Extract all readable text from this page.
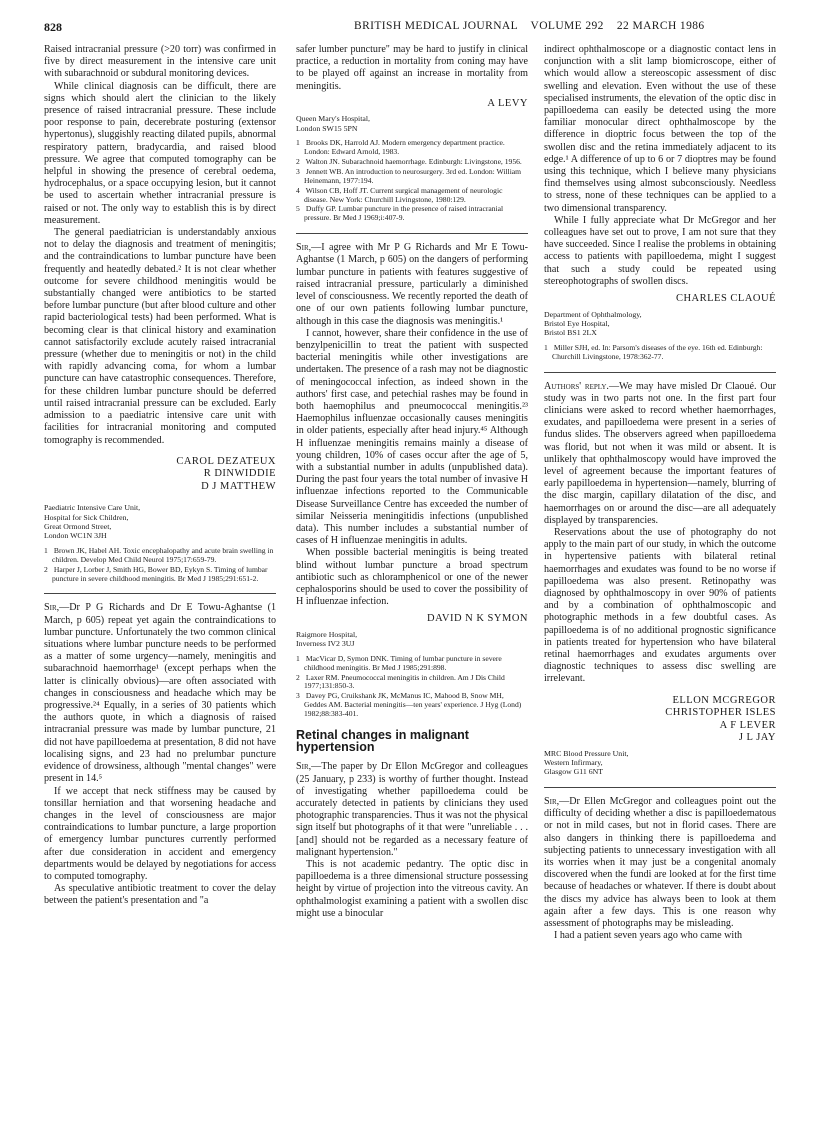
828	BRITISH MEDICAL JOURNAL    VOLUME 292    22 MARCH 1986

Raised intracranial pressure (>20 torr) was confirmed in five by direct measurement in the intensive care unit with subarachnoid or subdural monitoring devices.

While clinical diagnosis can be difficult, there are signs which should alert the clinician to the likely presence of raised intracranial pressure. These include poor response to pain, decerebrate posturing (extensor hypertonus), sluggishly reacting dilated pupils, abnormal respiratory pattern, bradycardia, and raised blood pressure. We agree that computed tomography can be helpful in showing the presence of cerebral oedema, hydrocephalus, or a space occupying lesion, but it cannot be used to ascertain whether intracranial pressure is raised or not. The only way to establish this is by direct measurement.

The general paediatrician is understandably anxious not to delay the diagnosis and treatment of meningitis; and the contraindications to lumbar puncture have been frequently and heatedly debated.² It is not clear whether outcome for severe childhood meningitis would be substantially changed were antibiotics to be started before lumbar puncture (but after blood culture and other rapid bacteriological tests) had been performed. What is becoming clear is that clinical history and examination cannot satisfactorily exclude acutely raised intracranial pressure (whether due to meningitis or not) in the child with rapidly advancing coma, for whom a lumbar puncture can have catastrophic consequences. Therefore, for these children lumbar puncture should be deferred until raised intracranial pressure can be excluded. Early admission to a paediatric intensive care unit with facilities for intracranial monitoring and computed tomography is recommended.

CAROL DEZATEUX
R DINWIDDIE
D J MATTHEW
Paediatric Intensive Care Unit,
Hospital for Sick Children,
Great Ormond Street,
London WC1N 3JH
1 Brown JK, Habel AH. Toxic encephalopathy and acute brain swelling in children. Develop Med Child Neurol 1975;17:659-79.
2 Harper J, Lorber J, Smith HG, Bower BD, Eykyn S. Timing of lumbar puncture in severe childhood meningitis. Br Med J 1985;291:651-2.

Sir,—Dr P G Richards and Dr E Towu-Aghantse (1 March, p 605) repeat yet again the contraindications to lumbar puncture. Unfortunately the two common clinical situations where lumbar puncture needs to be performed as a matter of some urgency—namely, meningitis and subarachnoid haemorrhage¹ (except perhaps when the latter is clinically obvious)—are often associated with changes in consciousness and headache which may be progressive.²⁴ Equally, in a series of 30 patients which the authors quote, in which a diagnosis of raised intracranial pressure was made by lumbar puncture, 21 did not have papilloedema at presentation, 8 did not have localising signs, and 23 had no prelumbar puncture evidence of drowsiness, although "mental changes" were present in 14.⁵

If we accept that neck stiffness may be caused by tonsillar herniation and that worsening headache and changes in the level of consciousness are major contraindications to lumbar puncture, a large proportion of emergency lumbar punctures currently performed after due consideration in accident and emergency departments would be delayed by negotiations for access to computed tomography.

As speculative antibiotic treatment to cover the delay between the patient's presentation and "a

safer lumber puncture" may be hard to justify in clinical practice, a reduction in mortality from coning may have to be played off against an increase in mortality from meningitis.

A LEVY
Queen Mary's Hospital,
London SW15 5PN
1 Brooks DK, Harrold AJ. Modern emergency department practice. London: Edward Arnold, 1983.
2 Walton JN. Subarachnoid haemorrhage. Edinburgh: Livingstone, 1956.
3 Jennett WB. An introduction to neurosurgery. 3rd ed. London: William Heinemann, 1977:194.
4 Wilson CB, Hoff JT. Current surgical management of neurologic disease. New York: Churchill Livingstone, 1980:129.
5 Duffy GP. Lumbar puncture in the presence of raised intracranial pressure. Br Med J 1969;i:407-9.

Sir,—I agree with Mr P G Richards and Mr E Towu-Aghantse (1 March, p 605) on the dangers of performing lumbar puncture in patients with features suggestive of raised intracranial pressure, particularly a diminished level of consciousness. We recently reported the death of one of our own patients following lumbar puncture, although in this case the diagnosis was meningitis.¹

I cannot, however, share their confidence in the use of benzylpenicillin to treat the patient with suspected bacterial meningitis while other investigations are undertaken. The presence of a rash may not be diagnostic of meningococcal infection, as indeed shown in the authors' first case, and petechial rashes may be found in both haemophilus and pneumococcal meningitis.²³ Haemophilus influenzae occasionally causes meningitis in older patients, especially after head injury.⁴⁵ Although H influenzae meningitis remains mainly a disease of young children, 10% of cases occur after the age of 5, with a substantial number in adults (unpublished data). During the past four years the total number of invasive H influenzae infections reported to the Communicable Disease Surveillance Centre has exceeded the number of similar Neisseria meningitidis infections (unpublished data). This number includes a substantial number of cases of H influenzae meningitis in adults.

When possible bacterial meningitis is being treated blind without lumbar puncture a broad spectrum antibiotic such as chloramphenicol or one of the newer cephalosporins should be used to cover the possibility of H influenzae infection.

DAVID N K SYMON
Raigmore Hospital,
Inverness IV2 3UJ
1 MacVicar D, Symon DNK. Timing of lumbar puncture in severe childhood meningitis. Br Med J 1985;291:898.
2 Laxer RM. Pneumococcal meningitis in children. Am J Dis Child 1977;131:850-3.
3 Davey PG, Cruikshank JK, McManus IC, Mahood B, Snow MH, Geddes AM. Bacterial meningitis—ten years' experience. J Hyg (Lond) 1982;88:383-401.
Retinal changes in malignant hypertension

Sir,—The paper by Dr Ellon McGregor and colleagues (25 January, p 233) is worthy of further thought. Instead of investigating whether papilloedema could be accurately detected in patients by clinicians they used photographic transparencies. Thus it was not the physical sign itself but photographs of it that were "unreliable . . . [and] should not be regarded as a necessary feature of malignant hypertension."

This is not academic pedantry. The optic disc in papilloedema is a three dimensional structure possessing height by virtue of projection into the vitreous cavity. An ophthalmologist examining a patient with a swollen disc might use a binocular

indirect ophthalmoscope or a diagnostic contact lens in conjunction with a slit lamp biomicroscope, either of which would allow a stereoscopic assessment of disc swelling and elevation. Even without the use of these specialised instruments, the elevation of the optic disc in papilloedema can easily be detected using the more familiar monocular direct ophthalmoscope by the difference in dioptric focus between the top of the swollen disc and the retina immediately adjacent to its edge.¹ A difference of up to 6 or 7 dioptres may be found using this technique, which I believe many physicians find themselves using almost subconsciously. Needless to stress, none of these techniques can be applied to a two dimensional transparency.

While I fully appreciate what Dr McGregor and her colleagues have set out to prove, I am not sure that they have succeeded. Since I realise the problems in obtaining access to patients with papilloedema, might I suggest that such a study could be repeated using stereophotographs of swollen discs.

CHARLES CLAOUÉ
Department of Ophthalmology,
Bristol Eye Hospital,
Bristol BS1 2LX
1 Miller SJH, ed. In: Parsom's diseases of the eye. 16th ed. Edinburgh: Churchill Livingstone, 1978:362-77.

Authors' reply.—We may have misled Dr Claoué. Our study was in two parts not one. In the first part four clinicians were asked to record whether haemorrhages, exudates, and papilloedema were present in a series of fundus slides. The observers agreed when papilloedema was florid, but not when it was mild or absent. It is unlikely that ophthalmoscopy would have improved the level of agreement because the important features of early papilloedema in hypertension—namely, blurring of the disc margin, capillary dilatation of the disc, and haemorrhages on or around the disc—are all adequately displayed by transparencies.

Reservations about the use of photography do not apply to the main part of our study, in which the outcome in hypertensive patients with bilateral retinal haemorrhages and exudates was found to be no worse if papilloedema was also present. Retinopathy was diagnosed by ophthalmoscopy in over 90% of patients and by a combination of ophthalmoscopic and photographic methods in a few doubtful cases. As papilloedema is of no additional prognostic significance in patients treated for hypertension who have bilateral retinal haemorrhages and exudates arguments over diagnostic techniques to assess disc swelling are irrelevant.

ELLON MCGREGOR
CHRISTOPHER ISLES
A F LEVER
J L JAY
MRC Blood Pressure Unit,
Western Infirmary,
Glasgow G11 6NT

Sir,—Dr Ellen McGregor and colleagues point out the difficulty of deciding whether a disc is papilloedematous or not in mild cases, but not in florid cases. There are also dangers in thinking there is papilloedema and subjecting patients to unnecessary investigation with all its worries when it may just be a congenital anomaly discovered when the fundi are looked at for the first time because of headaches or whatever. If there is doubt about the discs my advice has always been to look at them again after a few days. This is one reason why assessment of photographs may be misleading.

I had a patient seven years ago who came with
